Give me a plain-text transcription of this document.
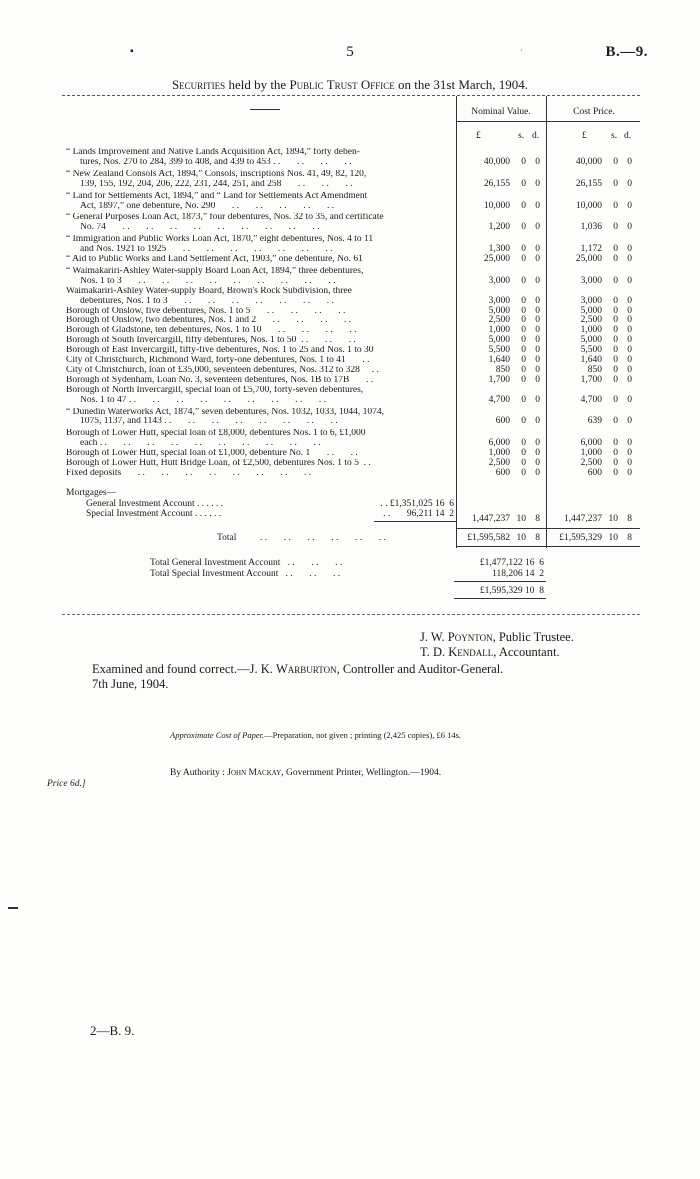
▪	5	·	B.—9.
Securities held by the Public Trust Office on the 31st March, 1904.
Nominal Value.	Cost Price.
£	s. d.	£	s. d.
“ Lands Improvement and Native Lands Acquisition Act, 1894,” forty deben-
tures, Nos. 270 to 284, 399 to 408, and 439 to 453 . .       . .       . .       . .	40,000	0 0	40,000	0 0
“ New Zealand Consols Act, 1894,” Consols, inscriptions Nos. 41, 49, 82, 120,
139, 155, 192, 204, 206, 222, 231, 244, 251, and 258       . .       . .       . .	26,155	0 0	26,155	0 0
“ Land for Settlements Act, 1894,” and “ Land for Settlements Act Amendment
Act, 1897,” one debenture, No. 290       . .       . .       . .       . .       . .	10,000	0 0	10,000	0 0
“ General Purposes Loan Act, 1873,” four debentures, Nos. 32 to 35, and certificate
No. 74       . .       . .       . .       . .       . .       . .       . .       . .       . .	1,200	0 0	1,036	0 0
“ Immigration and Public Works Loan Act, 1870,” eight debentures, Nos. 4 to 11
and Nos. 1921 to 1925       . .       . .       . .       . .       . .       . .       . .	1,300	0 0	1,172	0 0
“ Aid to Public Works and Land Settlement Act, 1903,” one debenture, No. 61	25,000	0 0	25,000	0 0
“ Waimakariri-Ashley Water-supply Board Loan Act, 1894,” three debentures,
Nos. 1 to 3       . .       . .       . .       . .       . .       . .       . .       . .       . .	3,000	0 0	3,000	0 0
Waimakariri-Ashley Water-supply Board, Brown's Rock Subdivision, three
debentures, Nos. 1 to 3       . .       . .       . .       . .       . .       . .       . .	3,000	0 0	3,000	0 0
Borough of Onslow, five debentures, Nos. 1 to 5       . .       . .       . .       . .	5,000	0 0	5,000	0 0
Borough of Onslow, two debentures, Nos. 1 and 2       . .       . .       . .       . .	2,500	0 0	2,500	0 0
Borough of Gladstone, ten debentures, Nos. 1 to 10       . .       . .       . .       . .	1,000	0 0	1,000	0 0
Borough of South Invercargill, fifty debentures, Nos. 1 to 50  . .       . .       . .	5,000	0 0	5,000	0 0
Borough of East Invercargill, fifty-five debentures, Nos. 1 to 25 and Nos. 1 to 30	5,500	0 0	5,500	0 0
City of Christchurch, Richmond Ward, forty-one debentures, Nos. 1 to 41       . .	1,640	0 0	1,640	0 0
City of Christchurch, loan of £35,000, seventeen debentures, Nos. 312 to 328     . .	850	0 0	850	0 0
Borough of Sydenham, Loan No. 3, seventeen debentures, Nos. 1B to 17B       . .	1,700	0 0	1,700	0 0
Borough of North Invercargill, special loan of £5,700, forty-seven debentures,
Nos. 1 to 47 . .       . .       . .       . .       . .       . .       . .       . .       . .	4,700	0 0	4,700	0 0
“ Dunedin Waterworks Act, 1874,” seven debentures, Nos. 1032, 1033, 1044, 1074,
1075, 1137, and 1143 . .       . .       . .       . .       . .       . .       . .       . .	600	0 0	639	0 0
Borough of Lower Hutt, special loan of £8,000, debentures Nos. 1 to 6, £1,000
each . .       . .       . .       . .       . .       . .       . .       . .       . .       . .	6,000	0 0	6,000	0 0
Borough of Lower Hutt, special loan of £1,000, debenture No. 1       . .       . .	1,000	0 0	1,000	0 0
Borough of Lower Hutt, Hutt Bridge Loan, of £2,500, debentures Nos. 1 to 5  . .	2,500	0 0	2,500	0 0
Fixed deposits       . .       . .       . .       . .       . .       . .       . .       . .	600	0 0	600	0 0
Mortgages—
General Investment Account . . . . . .	. . £1,351,025 16  6
Special Investment Account . . . . . .	. .       96,211 14  2	1,447,237 10 8	1,447,237 10 8
Total . .       . .       . .       . .       . .       . .	£1,595,582 10 8	£1,595,329 10 8
Total General Investment Account   . .       . .       . .	£1,477,122 16  6
Total Special Investment Account   . .       . .       . .	118,206 14  2
£1,595,329 10  8
J. W. Poynton, Public Trustee.
T. D. Kendall, Accountant.
Examined and found correct.—J. K. Warburton, Controller and Auditor-General.
7th June, 1904.
Approximate Cost of Paper.—Preparation, not given ; printing (2,425 copies), £6 14s.
By Authority : John Mackay, Government Printer, Wellington.—1904.
Price 6d.]
2—B. 9.
